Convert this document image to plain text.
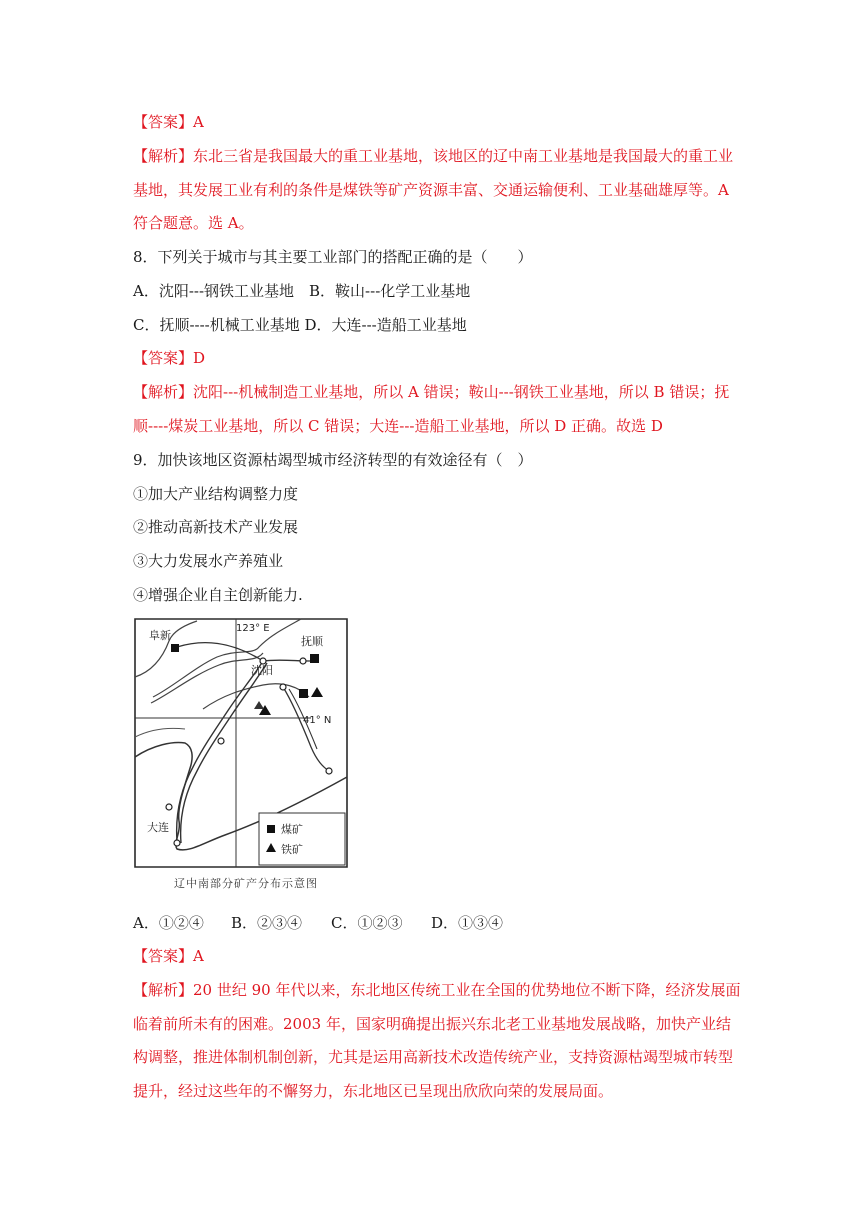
【答案】A
【解析】东北三省是我国最大的重工业基地，该地区的辽中南工业基地是我国最大的重工业
基地，其发展工业有利的条件是煤铁等矿产资源丰富、交通运输便利、工业基础雄厚等。A
符合题意。选 A。
8．下列关于城市与其主要工业部门的搭配正确的是（　　）
A．沈阳---钢铁工业基地　B．鞍山---化学工业基地
C．抚顺----机械工业基地 D．大连---造船工业基地
【答案】D
【解析】沈阳---机械制造工业基地，所以 A 错误；鞍山---钢铁工业基地，所以 B 错误；抚
顺----煤炭工业基地，所以 C 错误；大连---造船工业基地，所以 D 正确。故选 D
9．加快该地区资源枯竭型城市经济转型的有效途径有（　）
①加大产业结构调整力度
②推动高新技术产业发展
③大力发展水产养殖业
④增强企业自主创新能力.
阜新	抚顺
沈阳
大连
123° E
41° N
煤矿
铁矿
辽中南部分矿产分布示意图
A．①②④ B．②③④ C．①②③ D．①③④
【答案】A
【解析】20 世纪 90 年代以来，东北地区传统工业在全国的优势地位不断下降，经济发展面
临着前所未有的困难。2003 年，国家明确提出振兴东北老工业基地发展战略，加快产业结
构调整，推进体制机制创新，尤其是运用高新技术改造传统产业，支持资源枯竭型城市转型
提升，经过这些年的不懈努力，东北地区已呈现出欣欣向荣的发展局面。
